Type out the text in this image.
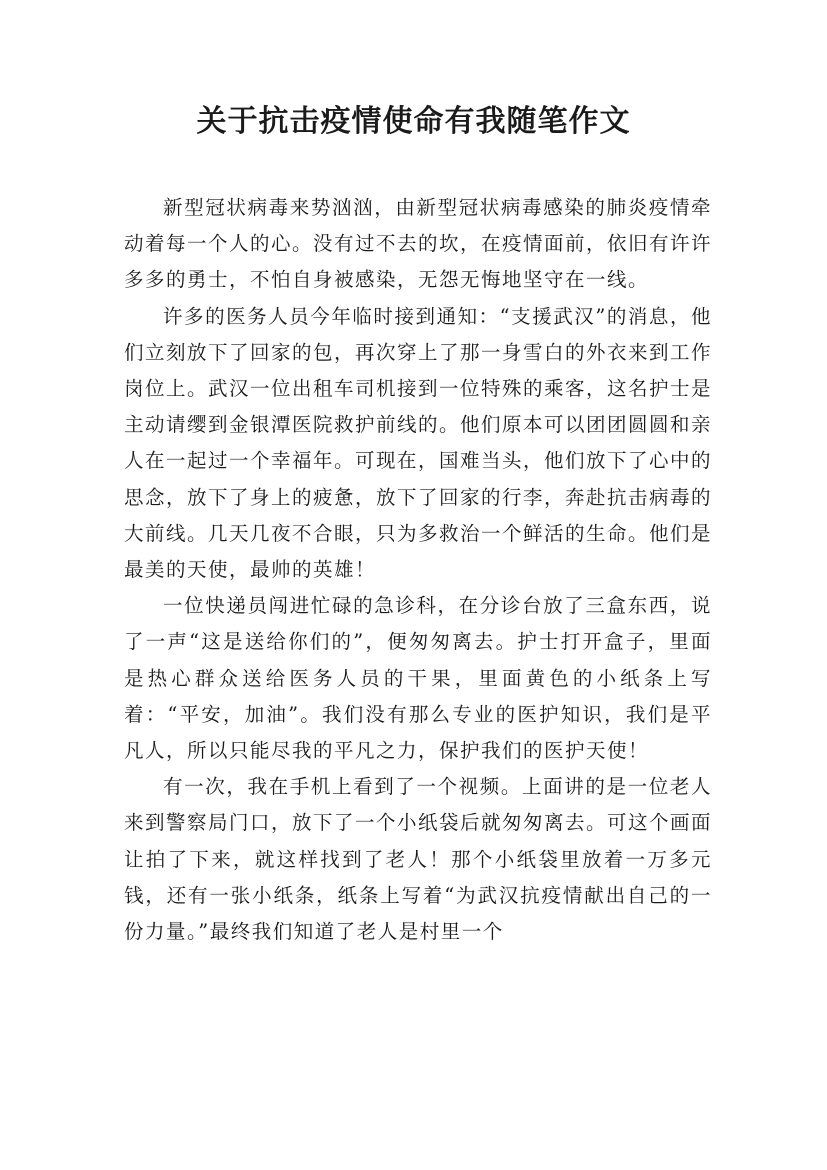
关于抗击疫情使命有我随笔作文

新型冠状病毒来势汹汹，由新型冠状病毒感染的肺炎疫情牵动着每一个人的心。没有过不去的坎，在疫情面前，依旧有许许多多的勇士，不怕自身被感染，无怨无悔地坚守在一线。

许多的医务人员今年临时接到通知：“支援武汉”的消息，他们立刻放下了回家的包，再次穿上了那一身雪白的外衣来到工作岗位上。武汉一位出租车司机接到一位特殊的乘客，这名护士是主动请缨到金银潭医院救护前线的。他们原本可以团团圆圆和亲人在一起过一个幸福年。可现在，国难当头，他们放下了心中的思念，放下了身上的疲惫，放下了回家的行李，奔赴抗击病毒的大前线。几天几夜不合眼，只为多救治一个鲜活的生命。他们是最美的天使，最帅的英雄！

一位快递员闯进忙碌的急诊科，在分诊台放了三盒东西，说了一声“这是送给你们的”，便匆匆离去。护士打开盒子，里面是热心群众送给医务人员的干果，里面黄色的小纸条上写着：“平安，加油”。我们没有那么专业的医护知识，我们是平凡人，所以只能尽我的平凡之力，保护我们的医护天使！

有一次，我在手机上看到了一个视频。上面讲的是一位老人来到警察局门口，放下了一个小纸袋后就匆匆离去。可这个画面让拍了下来，就这样找到了老人！那个小纸袋里放着一万多元钱，还有一张小纸条，纸条上写着“为武汉抗疫情献出自己的一份力量。”最终我们知道了老人是村里一个
